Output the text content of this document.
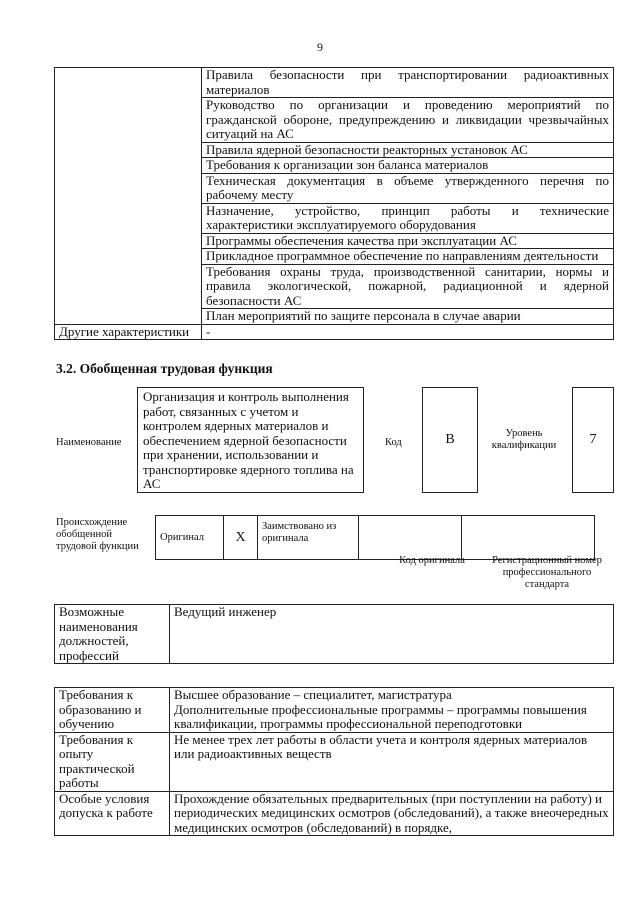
9
	Правила безопасности при транспортировании радиоактивных материалов
	Руководство по организации и проведению мероприятий по гражданской обороне, предупреждению и ликвидации чрезвычайных ситуаций на АС
	Правила ядерной безопасности реакторных установок АС
	Требования к организации зон баланса материалов
	Техническая документация в объеме утвержденного перечня по рабочему месту
	Назначение, устройство, принцип работы и технические характеристики эксплуатируемого оборудования
	Программы обеспечения качества при эксплуатации АС
	Прикладное программное обеспечение по направлениям деятельности
	Требования охраны труда, производственной санитарии, нормы и правила экологической, пожарной, радиационной и ядерной безопасности АС
	План мероприятий по защите персонала в случае аварии
Другие характеристики	-
3.2. Обобщенная трудовая функция
Наименование
Организация и контроль выполнения работ, связанных с учетом и контролем ядерных материалов и обеспечением ядерной безопасности при хранении, использовании и транспортировке ядерного топлива на АС
Код	B	Уровень квалификации	7
Происхождение обобщенной трудовой функции
Оригинал	X	Заимствовано из оригинала		
Код оригинала	Регистрационный номер профессионального стандарта
Возможные наименования должностей, профессий	Ведущий инженер
Требования к образованию и обучению	Высшее образование – специалитет, магистратура
Дополнительные профессиональные программы – программы повышения квалификации, программы профессиональной переподготовки
Требования к опыту практической работы	Не менее трех лет работы в области учета и контроля ядерных материалов или радиоактивных веществ
Особые условия допуска к работе	Прохождение обязательных предварительных (при поступлении на работу) и периодических медицинских осмотров (обследований), а также внеочередных медицинских осмотров (обследований) в порядке,
